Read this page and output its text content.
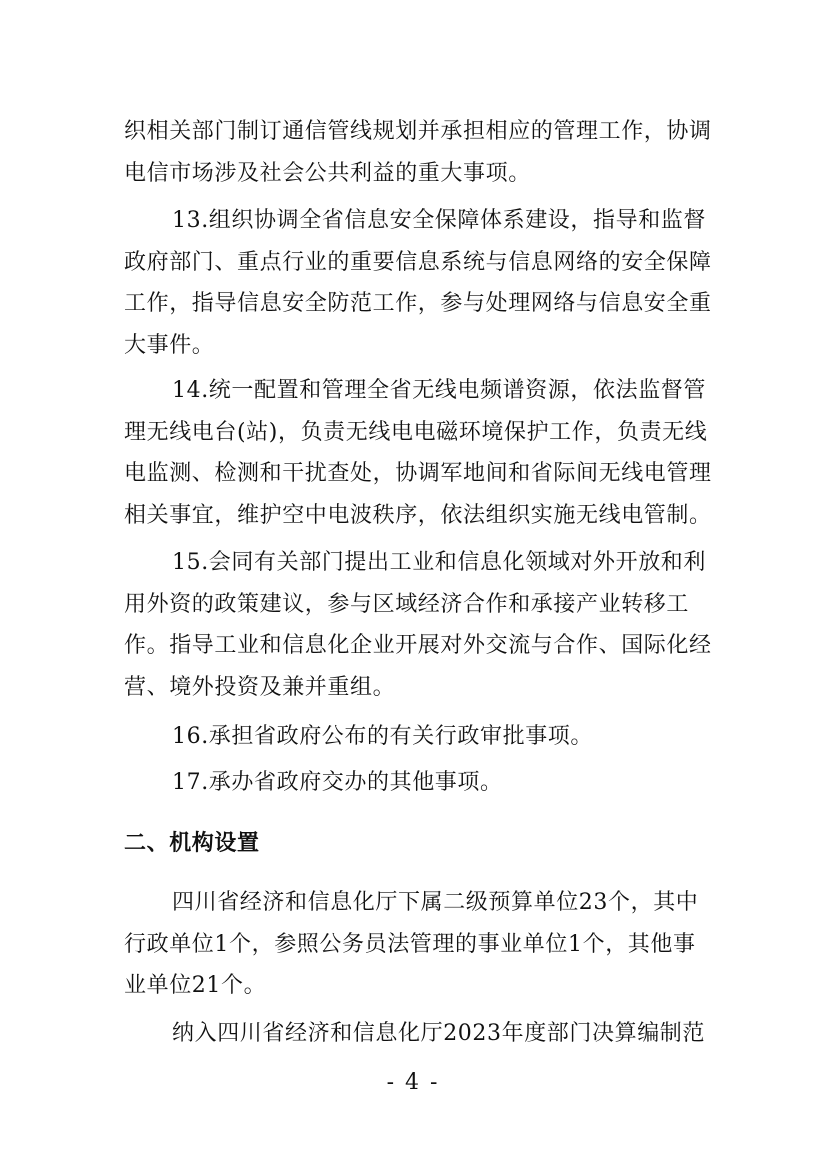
织相关部门制订通信管线规划并承担相应的管理工作，协调电信市场涉及社会公共利益的重大事项。

13.组织协调全省信息安全保障体系建设，指导和监督政府部门、重点行业的重要信息系统与信息网络的安全保障工作，指导信息安全防范工作，参与处理网络与信息安全重大事件。

14.统一配置和管理全省无线电频谱资源，依法监督管理无线电台(站)，负责无线电电磁环境保护工作，负责无线电监测、检测和干扰查处，协调军地间和省际间无线电管理相关事宜，维护空中电波秩序，依法组织实施无线电管制。

15.会同有关部门提出工业和信息化领域对外开放和利用外资的政策建议，参与区域经济合作和承接产业转移工作。指导工业和信息化企业开展对外交流与合作、国际化经营、境外投资及兼并重组。

16.承担省政府公布的有关行政审批事项。

17.承办省政府交办的其他事项。

二、机构设置

四川省经济和信息化厅下属二级预算单位23个，其中行政单位1个，参照公务员法管理的事业单位1个，其他事业单位21个。

纳入四川省经济和信息化厅2023年度部门决算编制范

- 4 -
